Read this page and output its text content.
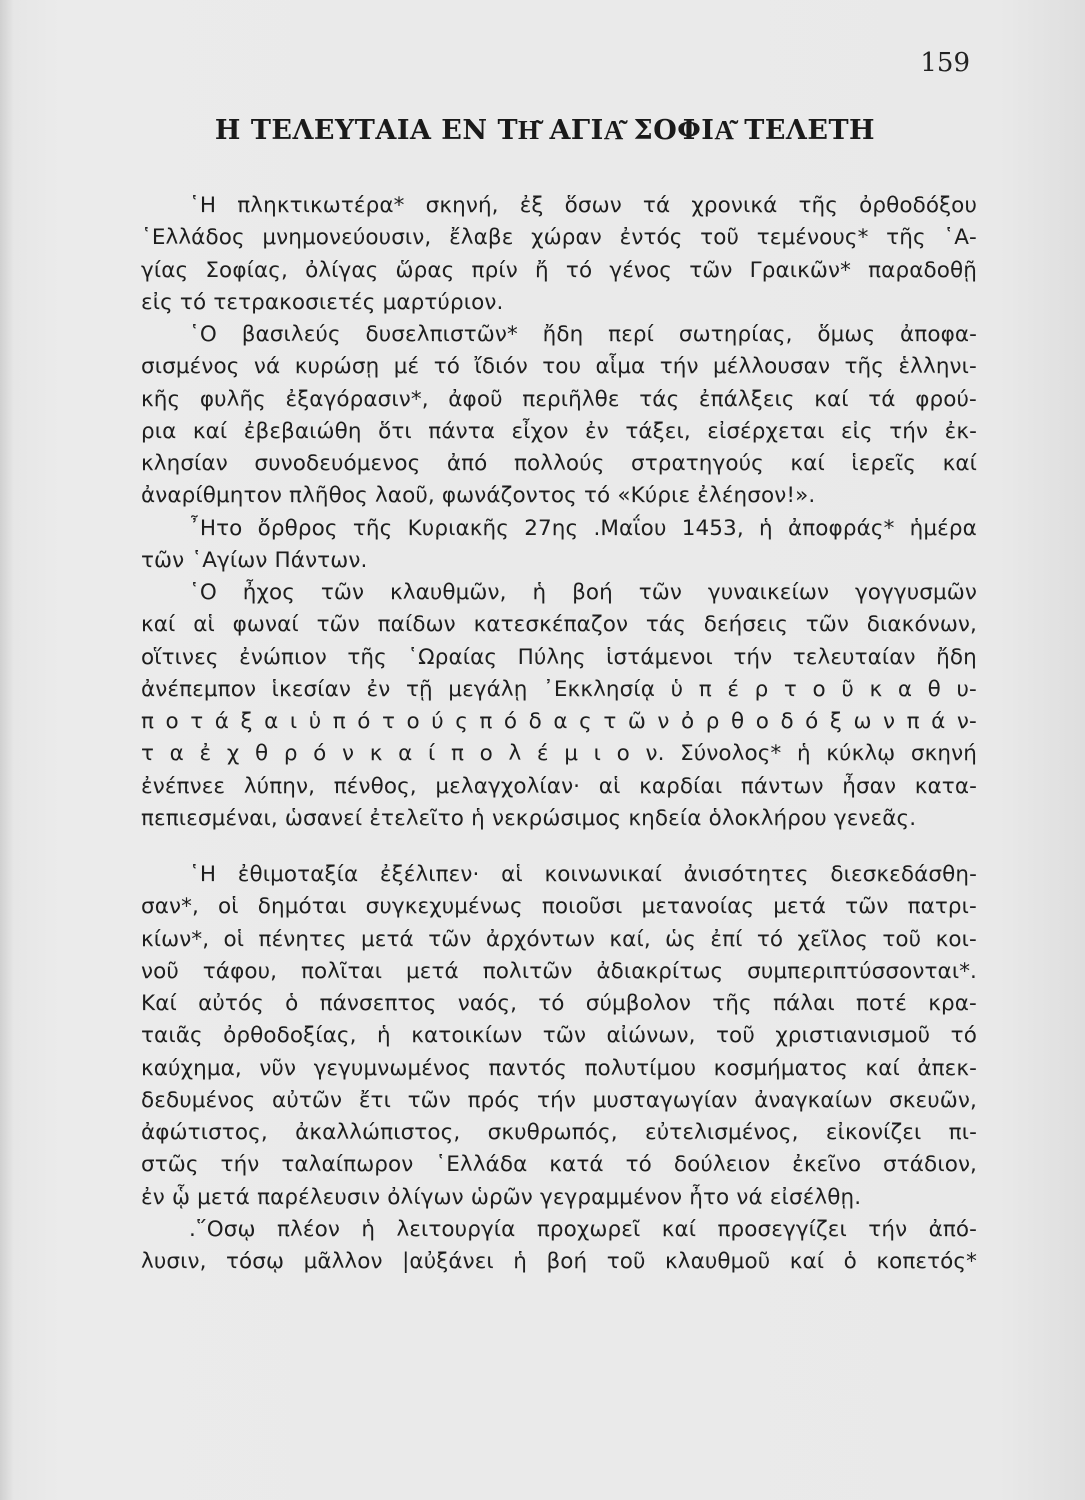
159
Η ΤΕΛΕΥΤΑΙΑ ΕΝ ΤΗ͂ ΑΓΙΑ͂ ΣΟΦΙΑ͂ ΤΕΛΕΤΗ
῾Η πληκτικωτέρα* σκηνή, ἐξ ὅσων τά χρονικά τῆς ὀρθοδόξου
῾Ελλάδος μνημονεύουσιν, ἔλαβε χώραν ἐντός τοῦ τεμένους* τῆς ῾Α-
γίας Σοφίας, ὀλίγας ὥρας πρίν ἤ τό γένος τῶν Γραικῶν* παραδοθῇ
εἰς τό τετρακοσιετές μαρτύριον.
῾Ο βασιλεύς δυσελπιστῶν* ἤδη περί σωτηρίας, ὅμως ἀποφα-
σισμένος νά κυρώσῃ μέ τό ἴδιόν του αἷμα τήν μέλλουσαν τῆς ἑλληνι-
κῆς φυλῆς ἐξαγόρασιν*, ἀφοῦ περιῆλθε τάς ἐπάλξεις καί τά φρού-
ρια καί ἐβεβαιώθη ὅτι πάντα εἶχον ἐν τάξει, εἰσέρχεται εἰς τήν ἐκ-
κλησίαν συνοδευόμενος ἀπό πολλούς στρατηγούς καί ἱερεῖς καί
ἀναρίθμητον πλῆθος λαοῦ, φωνάζοντος τό «Κύριε ἐλέησον!».
῏Ητο ὄρθρος τῆς Κυριακῆς 27ης .Μαΐου 1453, ἡ ἀποφράς* ἡμέρα
τῶν ῾Αγίων Πάντων.
῾Ο ἦχος τῶν κλαυθμῶν, ἡ βοή τῶν γυναικείων γογγυσμῶν
καί αἱ φωναί τῶν παίδων κατεσκέπαζον τάς δεήσεις τῶν διακόνων,
οἵτινες ἐνώπιον τῆς ῾Ωραίας Πύλης ἱστάμενοι τήν τελευταίαν ἤδη
ἀνέπεμπον ἱκεσίαν ἐν τῇ μεγάλῃ ᾿Εκκλησίᾳ ὑ π έ ρ τ ο ῦ κ α θ υ-
π ο τ ά ξ α ι ὑ π ό τ ο ύ ς π ό δ α ς τ ῶ ν ὀ ρ θ ο δ ό ξ ω ν π ά ν-
τ α ἐ χ θ ρ ό ν κ α ί π ο λ έ μ ι ο ν. Σύνολος* ἡ κύκλῳ σκηνή
ἐνέπνεε λύπην, πένθος, μελαγχολίαν· αἱ καρδίαι πάντων ἦσαν κατα-
πεπιεσμέναι, ὡσανεί ἐτελεῖτο ἡ νεκρώσιμος κηδεία ὁλοκλήρου γενεᾶς.
῾Η ἐθιμοταξία ἐξέλιπεν· αἱ κοινωνικαί ἀνισότητες διεσκεδάσθη-
σαν*, οἱ δημόται συγκεχυμένως ποιοῦσι μετανοίας μετά τῶν πατρι-
κίων*, οἱ πένητες μετά τῶν ἀρχόντων καί, ὡς ἐπί τό χεῖλος τοῦ κοι-
νοῦ τάφου, πολῖται μετά πολιτῶν ἀδιακρίτως συμπεριπτύσσονται*.
Καί αὐτός ὁ πάνσεπτος ναός, τό σύμβολον τῆς πάλαι ποτέ κρα-
ταιᾶς ὀρθοδοξίας, ἡ κατοικίων τῶν αἰώνων, τοῦ χριστιανισμοῦ τό
καύχημα, νῦν γεγυμνωμένος παντός πολυτίμου κοσμήματος καί ἀπεκ-
δεδυμένος αὐτῶν ἔτι τῶν πρός τήν μυσταγωγίαν ἀναγκαίων σκευῶν,
ἀφώτιστος, ἀκαλλώπιστος, σκυθρωπός, εὐτελισμένος, εἰκονίζει πι-
στῶς τήν ταλαίπωρον ῾Ελλάδα κατά τό δούλειον ἐκεῖνο στάδιον,
ἐν ᾧ μετά παρέλευσιν ὀλίγων ὡρῶν γεγραμμένον ἦτο νά εἰσέλθῃ.
.῞Οσῳ πλέον ἡ λειτουργία προχωρεῖ καί προσεγγίζει τήν ἀπό-
λυσιν, τόσῳ μᾶλλον |αὐξάνει ἡ βοή τοῦ κλαυθμοῦ καί ὁ κοπετός*
